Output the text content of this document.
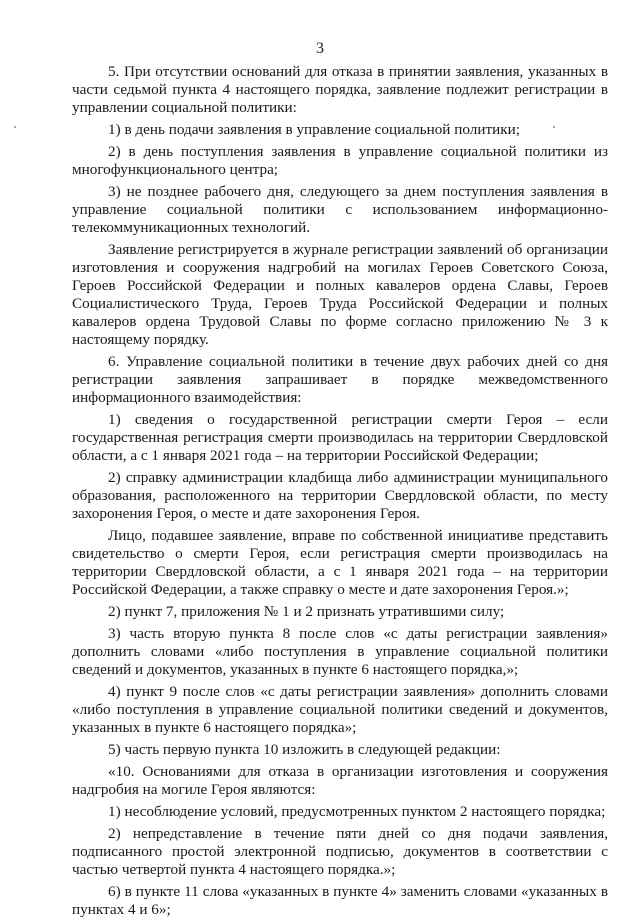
3

5. При отсутствии оснований для отказа в принятии заявления, указанных в части седьмой пункта 4 настоящего порядка, заявление подлежит регистрации в управлении социальной политики:

1) в день подачи заявления в управление социальной политики;

2) в день поступления заявления в управление социальной политики из многофункционального центра;

3) не позднее рабочего дня, следующего за днем поступления заявления в управление социальной политики с использованием информационно-телекоммуникационных технологий.

Заявление регистрируется в журнале регистрации заявлений об организации изготовления и сооружения надгробий на могилах Героев Советского Союза, Героев Российской Федерации и полных кавалеров ордена Славы, Героев Социалистического Труда, Героев Труда Российской Федерации и полных кавалеров ордена Трудовой Славы по форме согласно приложению № 3 к настоящему порядку.

6. Управление социальной политики в течение двух рабочих дней со дня регистрации заявления запрашивает в порядке межведомственного информационного взаимодействия:

1) сведения о государственной регистрации смерти Героя – если государственная регистрация смерти производилась на территории Свердловской области, а с 1 января 2021 года – на территории Российской Федерации;

2) справку администрации кладбища либо администрации муниципального образования, расположенного на территории Свердловской области, по месту захоронения Героя, о месте и дате захоронения Героя.

Лицо, подавшее заявление, вправе по собственной инициативе представить свидетельство о смерти Героя, если регистрация смерти производилась на территории Свердловской области, а с 1 января 2021 года – на территории Российской Федерации, а также справку о месте и дате захоронения Героя.»;

2) пункт 7, приложения № 1 и 2 признать утратившими силу;

3) часть вторую пункта 8 после слов «с даты регистрации заявления» дополнить словами «либо поступления в управление социальной политики сведений и документов, указанных в пункте 6 настоящего порядка,»;

4) пункт 9 после слов «с даты регистрации заявления» дополнить словами «либо поступления в управление социальной политики сведений и документов, указанных в пункте 6 настоящего порядка»;

5) часть первую пункта 10 изложить в следующей редакции:

«10. Основаниями для отказа в организации изготовления и сооружения надгробия на могиле Героя являются:

1) несоблюдение условий, предусмотренных пунктом 2 настоящего порядка;

2) непредставление в течение пяти дней со дня подачи заявления, подписанного простой электронной подписью, документов в соответствии с частью четвертой пункта 4 настоящего порядка.»;

6) в пункте 11 слова «указанных в пункте 4» заменить словами «указанных в пунктах 4 и 6»;
